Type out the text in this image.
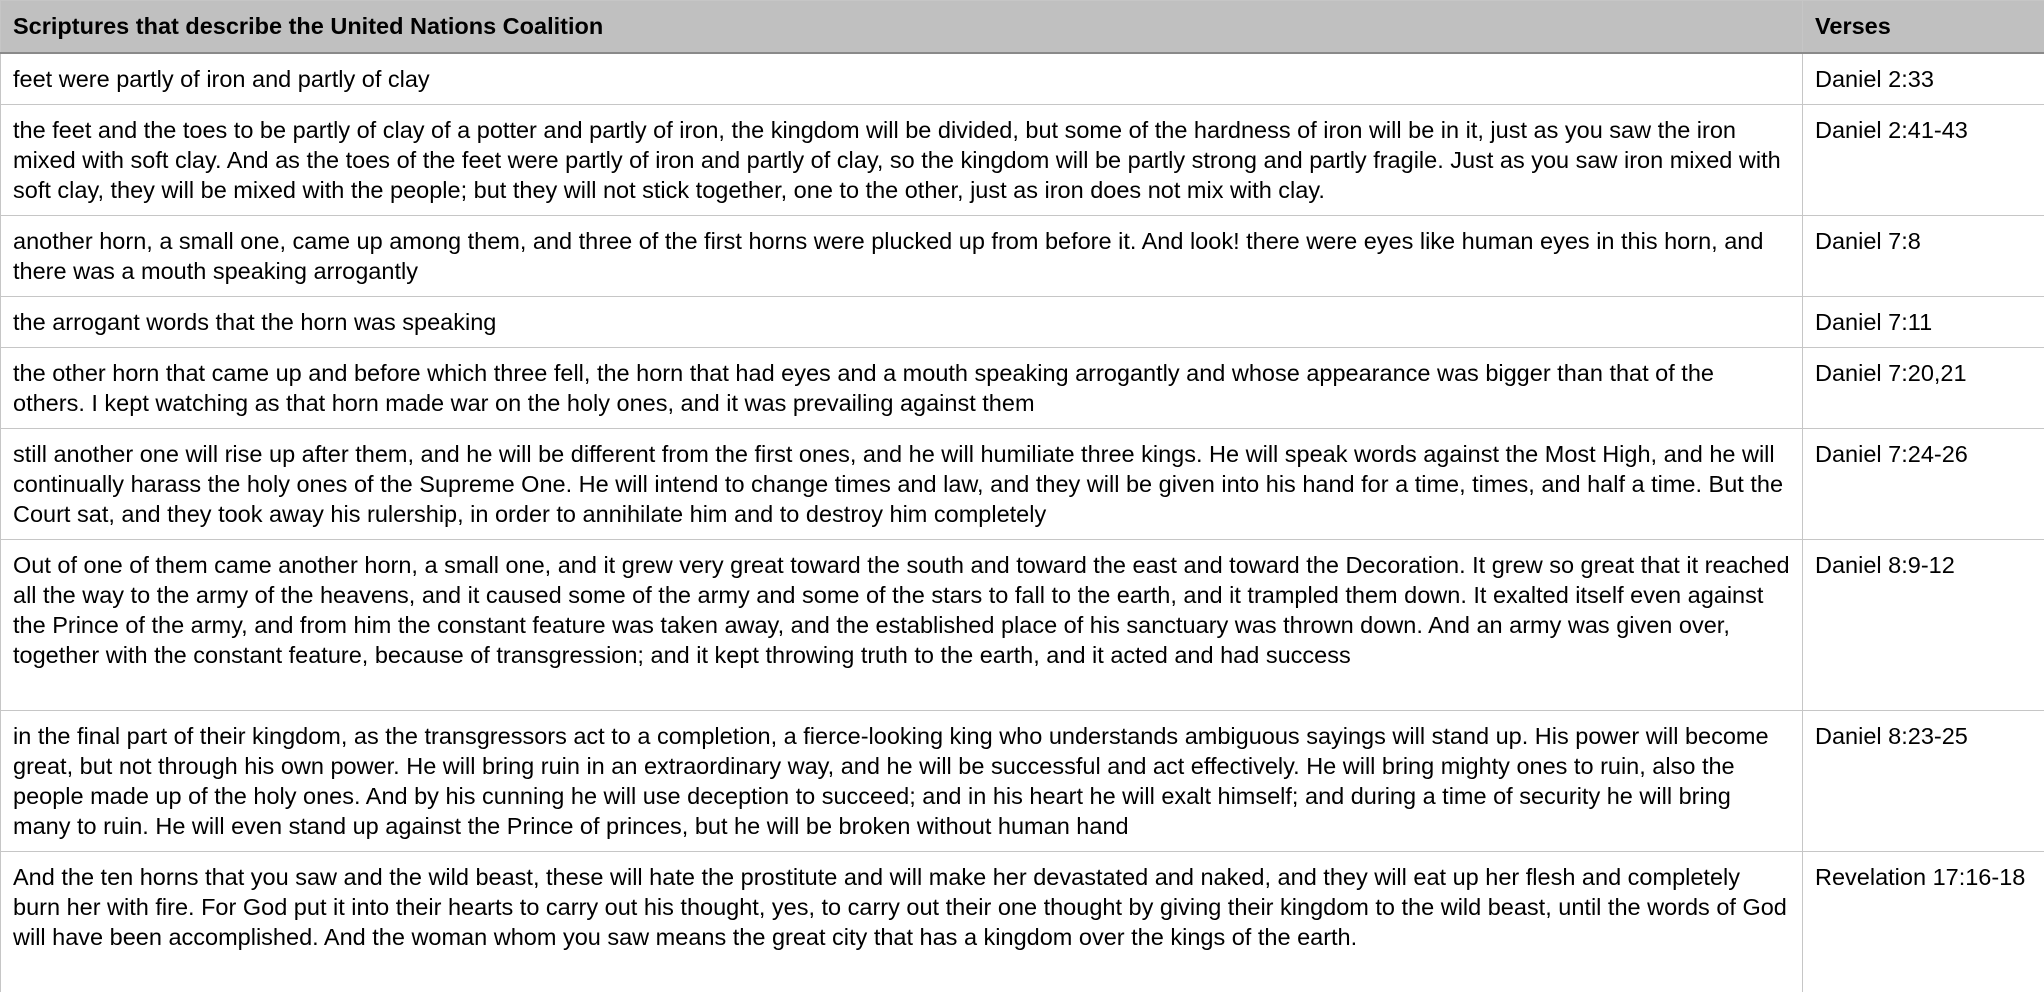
Scriptures that describe the United Nations Coalition	Verses
feet were partly of iron and partly of clay	Daniel 2:33
the feet and the toes to be partly of clay of a potter and partly of iron, the kingdom will be divided, but some of the hardness of iron will be in it, just as you saw the iron mixed with soft clay. And as the toes of the feet were partly of iron and partly of clay, so the kingdom will be partly strong and partly fragile. Just as you saw iron mixed with soft clay, they will be mixed with the people; but they will not stick together, one to the other, just as iron does not mix with clay.	Daniel 2:41-43
another horn, a small one, came up among them, and three of the first horns were plucked up from before it. And look! there were eyes like human eyes in this horn, and there was a mouth speaking arrogantly	Daniel 7:8
the arrogant words that the horn was speaking	Daniel 7:11
the other horn that came up and before which three fell, the horn that had eyes and a mouth speaking arrogantly and whose appearance was bigger than that of the others. I kept watching as that horn made war on the holy ones, and it was prevailing against them	Daniel 7:20,21
still another one will rise up after them, and he will be different from the first ones, and he will humiliate three kings. He will speak words against the Most High, and he will continually harass the holy ones of the Supreme One. He will intend to change times and law, and they will be given into his hand for a time, times, and half a time. But the Court sat, and they took away his rulership, in order to annihilate him and to destroy him completely	Daniel 7:24-26
Out of one of them came another horn, a small one, and it grew very great toward the south and toward the east and toward the Decoration. It grew so great that it reached all the way to the army of the heavens, and it caused some of the army and some of the stars to fall to the earth, and it trampled them down. It exalted itself even against the Prince of the army, and from him the constant feature was taken away, and the established place of his sanctuary was thrown down. And an army was given over, together with the constant feature, because of transgression; and it kept throwing truth to the earth, and it acted and had success	Daniel 8:9-12
in the final part of their kingdom, as the transgressors act to a completion, a fierce-looking king who understands ambiguous sayings will stand up. His power will become great, but not through his own power. He will bring ruin in an extraordinary way, and he will be successful and act effectively. He will bring mighty ones to ruin, also the people made up of the holy ones. And by his cunning he will use deception to succeed; and in his heart he will exalt himself; and during a time of security he will bring many to ruin. He will even stand up against the Prince of princes, but he will be broken without human hand	Daniel 8:23-25
And the ten horns that you saw and the wild beast, these will hate the prostitute and will make her devastated and naked, and they will eat up her flesh and completely burn her with fire. For God put it into their hearts to carry out his thought, yes, to carry out their one thought by giving their kingdom to the wild beast, until the words of God will have been accomplished. And the woman whom you saw means the great city that has a kingdom over the kings of the earth.	Revelation 17:16-18
